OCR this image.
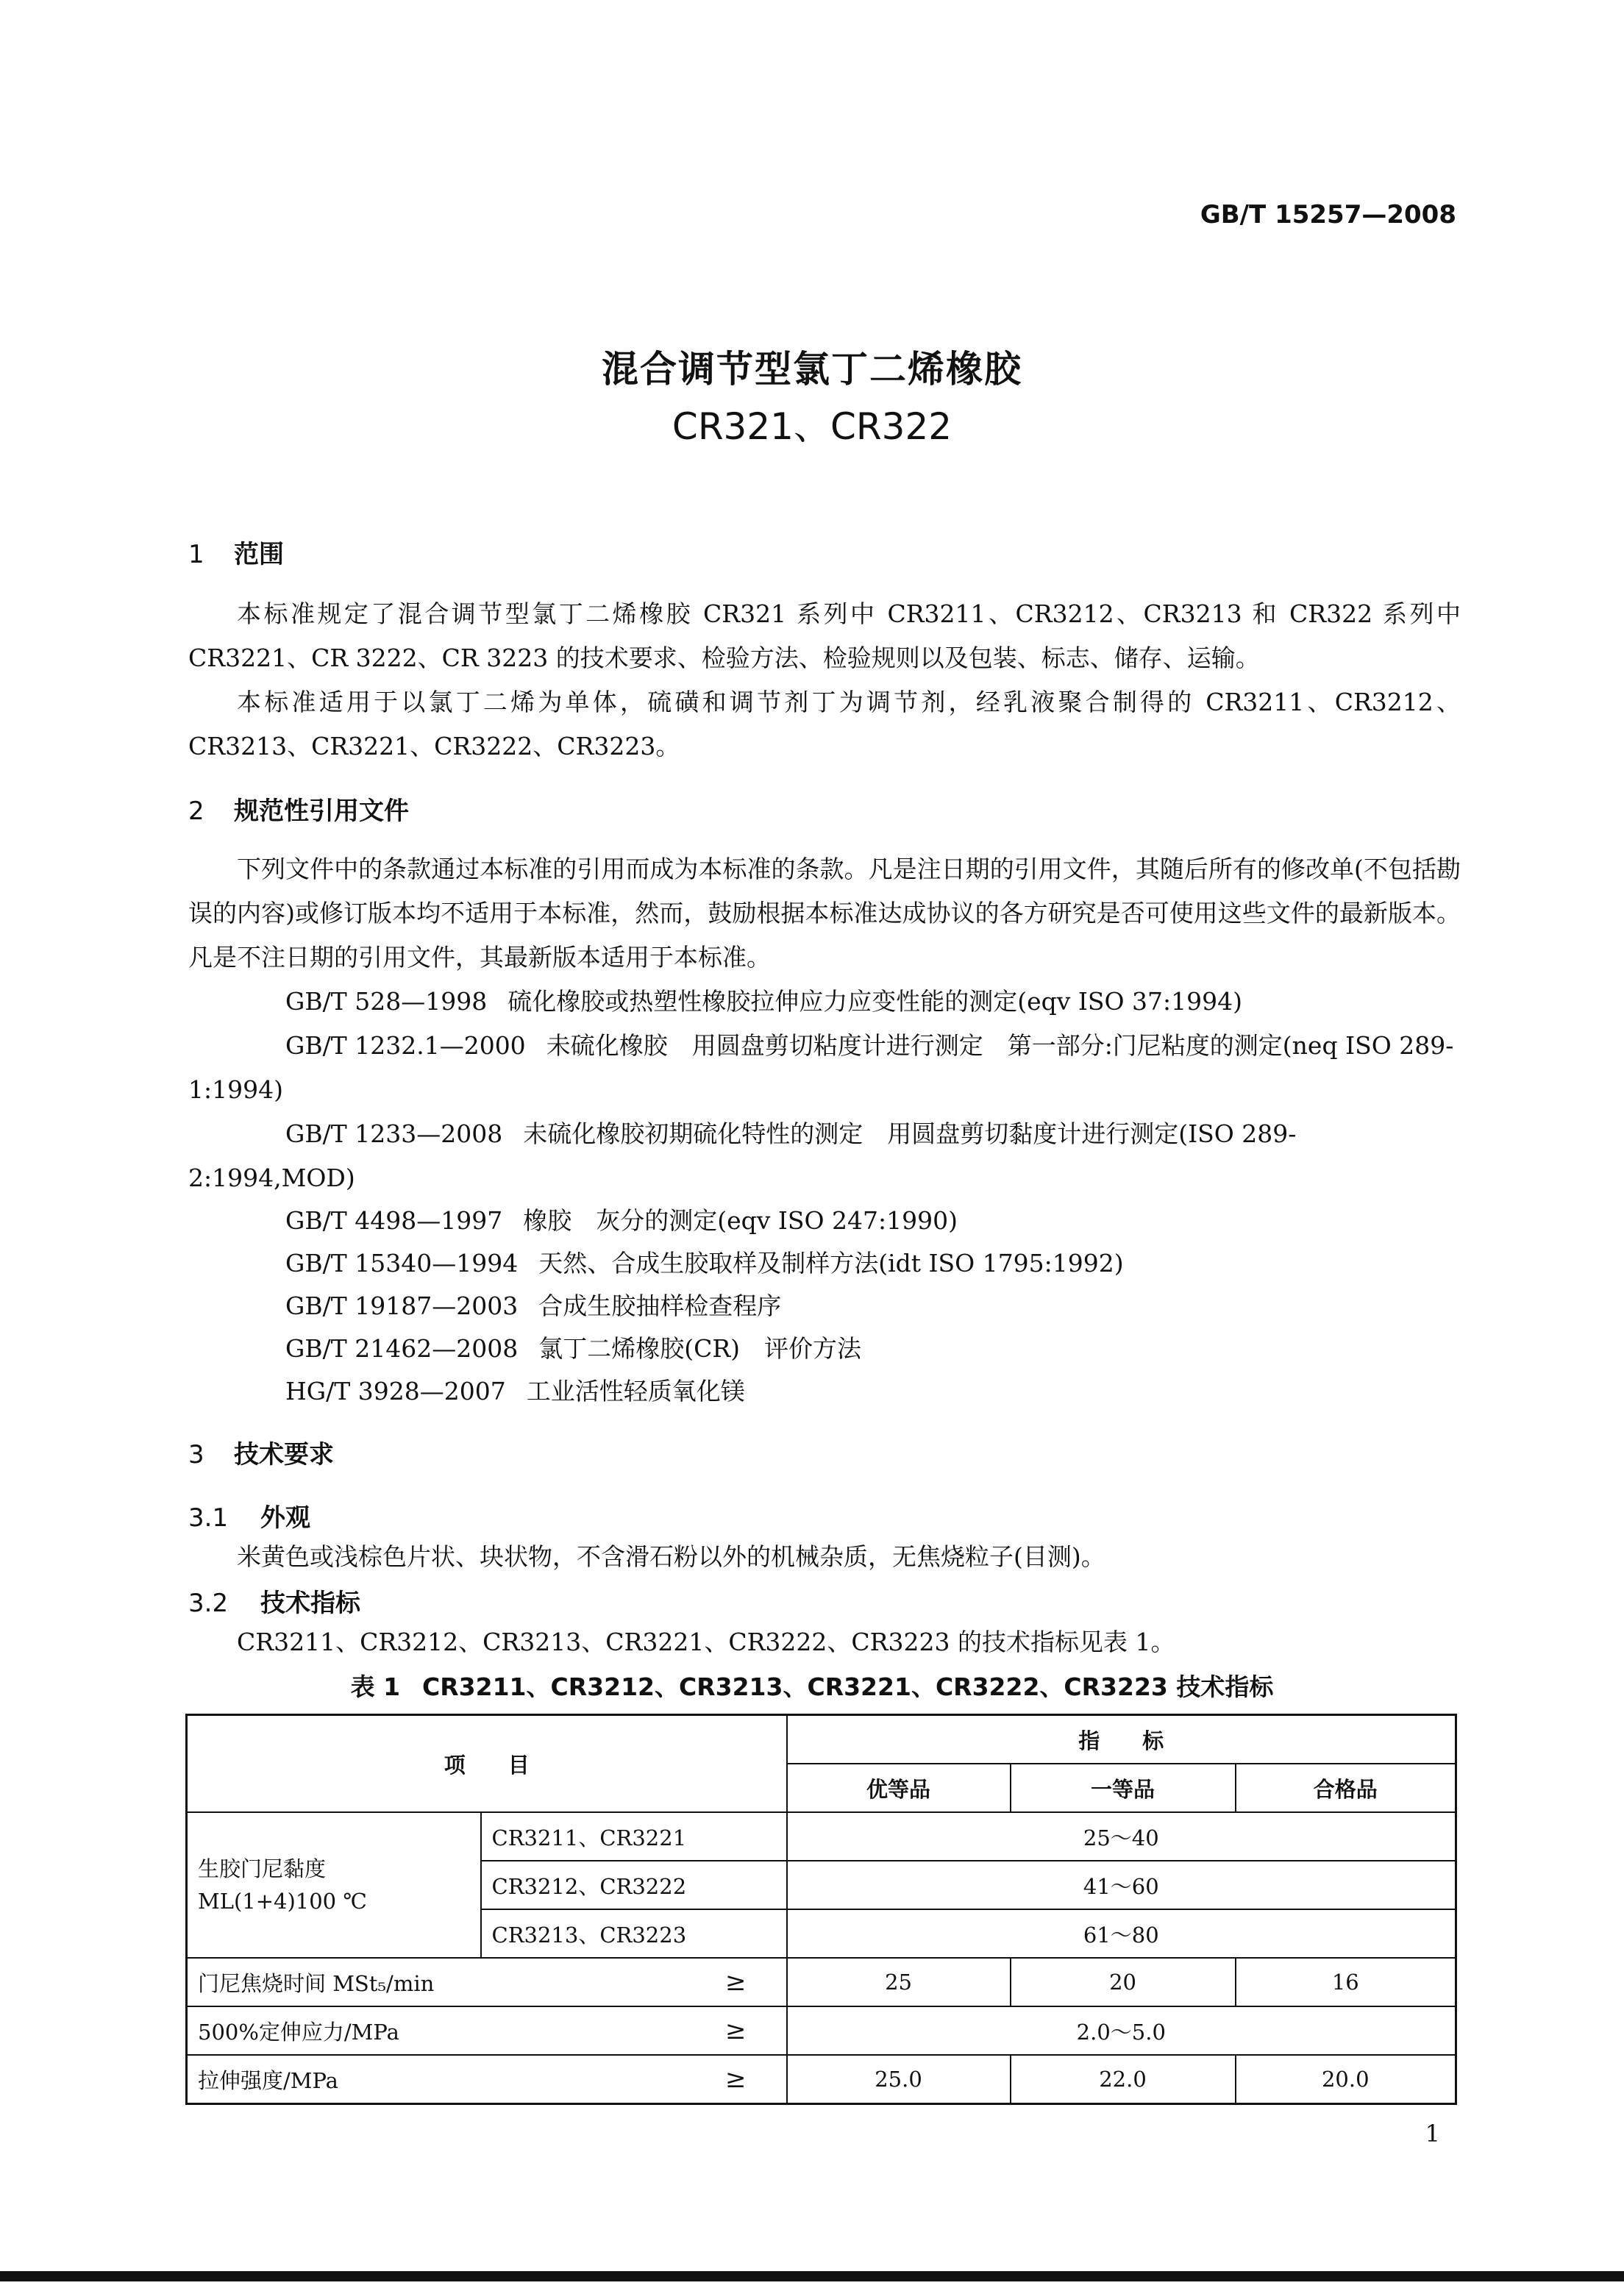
GB/T 15257—2008
混合调节型氯丁二烯橡胶
CR321、CR322
1 范围
本标准规定了混合调节型氯丁二烯橡胶 CR321 系列中 CR3211、CR3212、CR3213 和 CR322 系列中 CR3221、CR 3222、CR 3223 的技术要求、检验方法、检验规则以及包装、标志、储存、运输。
本标准适用于以氯丁二烯为单体，硫磺和调节剂丁为调节剂，经乳液聚合制得的 CR3211、CR3212、CR3213、CR3221、CR3222、CR3223。
2 规范性引用文件
下列文件中的条款通过本标准的引用而成为本标准的条款。凡是注日期的引用文件，其随后所有的修改单(不包括勘误的内容)或修订版本均不适用于本标准，然而，鼓励根据本标准达成协议的各方研究是否可使用这些文件的最新版本。凡是不注日期的引用文件，其最新版本适用于本标准。
GB/T 528—1998 硫化橡胶或热塑性橡胶拉伸应力应变性能的测定(eqv ISO 37:1994)
GB/T 1232.1—2000 未硫化橡胶　用圆盘剪切粘度计进行测定　第一部分:门尼粘度的测定(neq ISO 289-1:1994)
GB/T 1233—2008 未硫化橡胶初期硫化特性的测定　用圆盘剪切黏度计进行测定(ISO 289-2:1994,MOD)
GB/T 4498—1997 橡胶　灰分的测定(eqv ISO 247:1990)
GB/T 15340—1994 天然、合成生胶取样及制样方法(idt ISO 1795:1992)
GB/T 19187—2003 合成生胶抽样检查程序
GB/T 21462—2008 氯丁二烯橡胶(CR)　评价方法
HG/T 3928—2007 工业活性轻质氧化镁
3 技术要求
3.1 外观
米黄色或浅棕色片状、块状物，不含滑石粉以外的机械杂质，无焦烧粒子(目测)。
3.2 技术指标
CR3211、CR3212、CR3213、CR3221、CR3222、CR3223 的技术指标见表 1。
表 1 CR3211、CR3212、CR3213、CR3221、CR3222、CR3223 技术指标
项　　目		指　　标		
		优等品	一等品	合格品

生胶门尼黏度
ML(1+4)100 ℃	CR3211、CR3221	25～40		
	CR3212、CR3222	41～60		
	CR3213、CR3223	61～80		
门尼焦烧时间 MSt₅/min ≥		25	20	16
500%定伸应力/MPa ≥		2.0～5.0		
拉伸强度/MPa ≥		25.0	22.0	20.0
1
